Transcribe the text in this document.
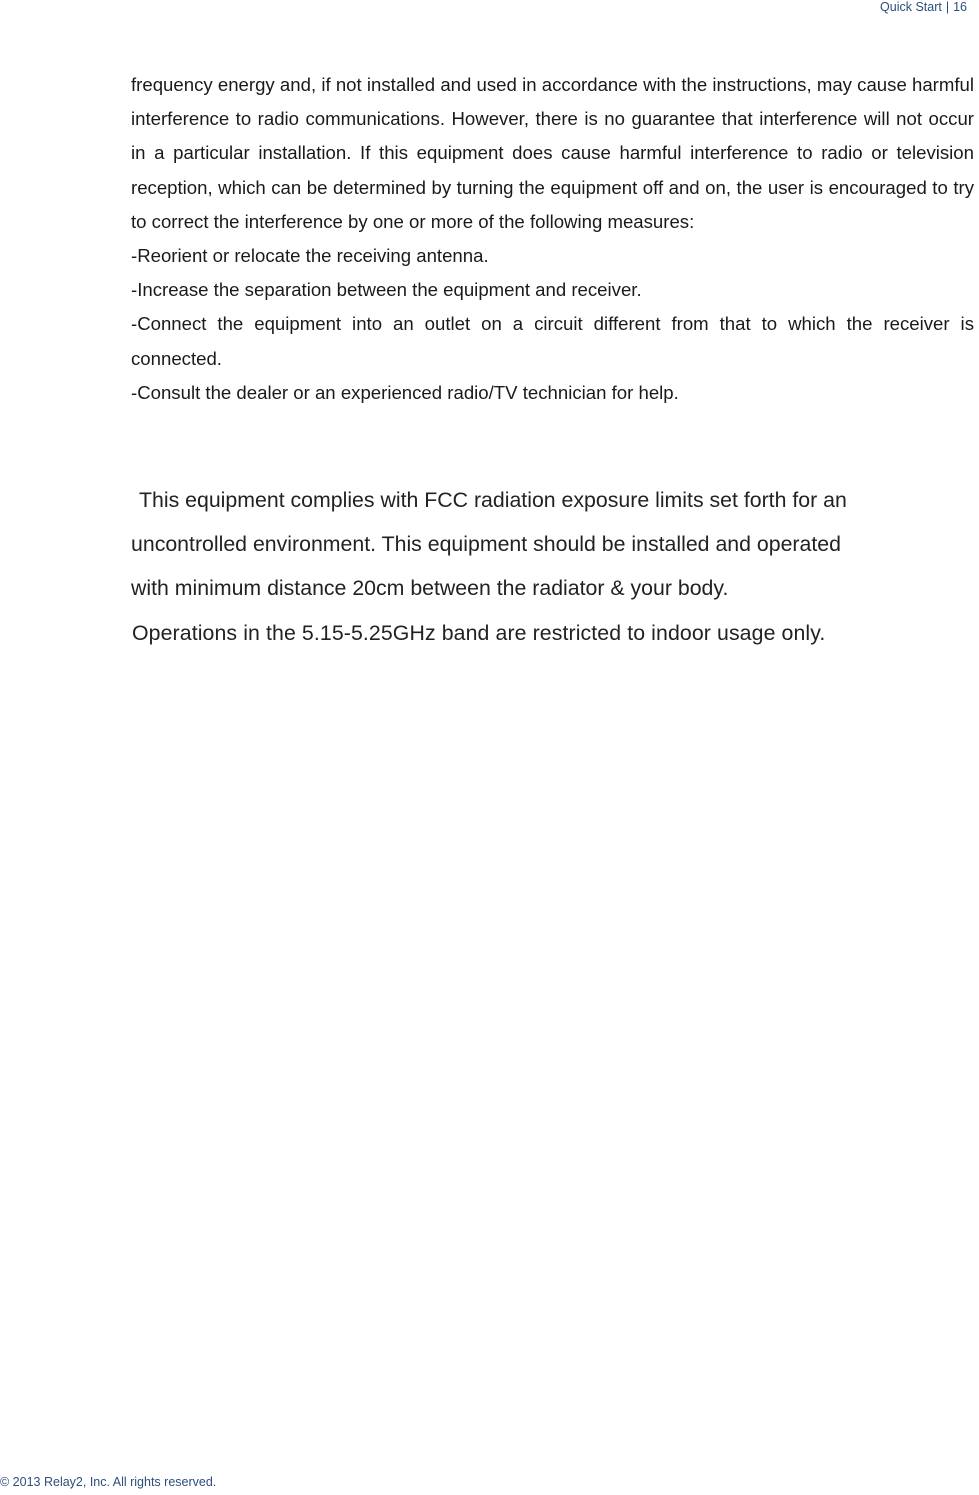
Quick Start | 16

frequency energy and, if not installed and used in accordance with the instructions, may cause harmful interference to radio communications. However, there is no guarantee that interference will not occur in a particular installation. If this equipment does cause harmful interference to radio or television reception, which can be determined by turning the equipment off and on, the user is encouraged to try to correct the interference by one or more of the following measures:

-Reorient or relocate the receiving antenna.

-Increase the separation between the equipment and receiver.

-Connect the equipment into an outlet on a circuit different from that to which the receiver is connected.

-Consult the dealer or an experienced radio/TV technician for help.

This equipment complies with FCC radiation exposure limits set forth for an

uncontrolled environment. This equipment should be installed and operated

with minimum distance 20cm between the radiator & your body.

Operations in the 5.15-5.25GHz band are restricted to indoor usage only.
© 2013 Relay2, Inc. All rights reserved.
